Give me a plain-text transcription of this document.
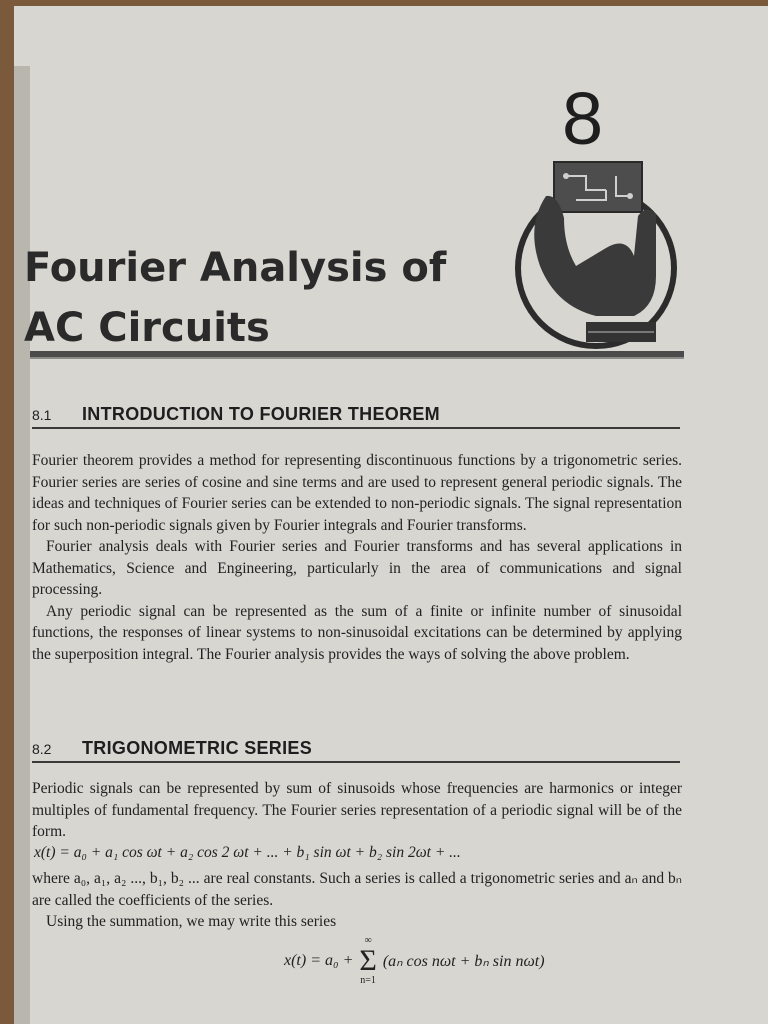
8
Fourier Analysis of
AC Circuits
8.1 INTRODUCTION TO FOURIER THEOREM

Fourier theorem provides a method for representing discontinuous functions by a trigonometric series. Fourier series are series of cosine and sine terms and are used to represent general periodic signals. The ideas and techniques of Fourier series can be extended to non-periodic signals. The signal representation for such non-periodic signals given by Fourier integrals and Fourier transforms.

Fourier analysis deals with Fourier series and Fourier transforms and has several applications in Mathematics, Science and Engineering, particularly in the area of communications and signal processing.

Any periodic signal can be represented as the sum of a finite or infinite number of sinusoidal functions, the responses of linear systems to non-sinusoidal excitations can be determined by applying the superposition integral. The Fourier analysis provides the ways of solving the above problem.

8.2 TRIGONOMETRIC SERIES

Periodic signals can be represented by sum of sinusoids whose frequencies are harmonics or integer multiples of fundamental frequency. The Fourier series representation of a periodic signal will be of the form.

x(t) = a₀ + a₁ cos ωt + a₂ cos 2 ωt + ... + b₁ sin ωt + b₂ sin 2ωt + ...

where a₀, a₁, a₂ ..., b₁, b₂ ... are real constants. Such a series is called a trigonometric series and aₙ and bₙ are called the coefficients of the series.

Using the summation, we may write this series

x(t) = a₀ +
∞
Σ
n=1
(aₙ cos nωt + bₙ sin nωt)
